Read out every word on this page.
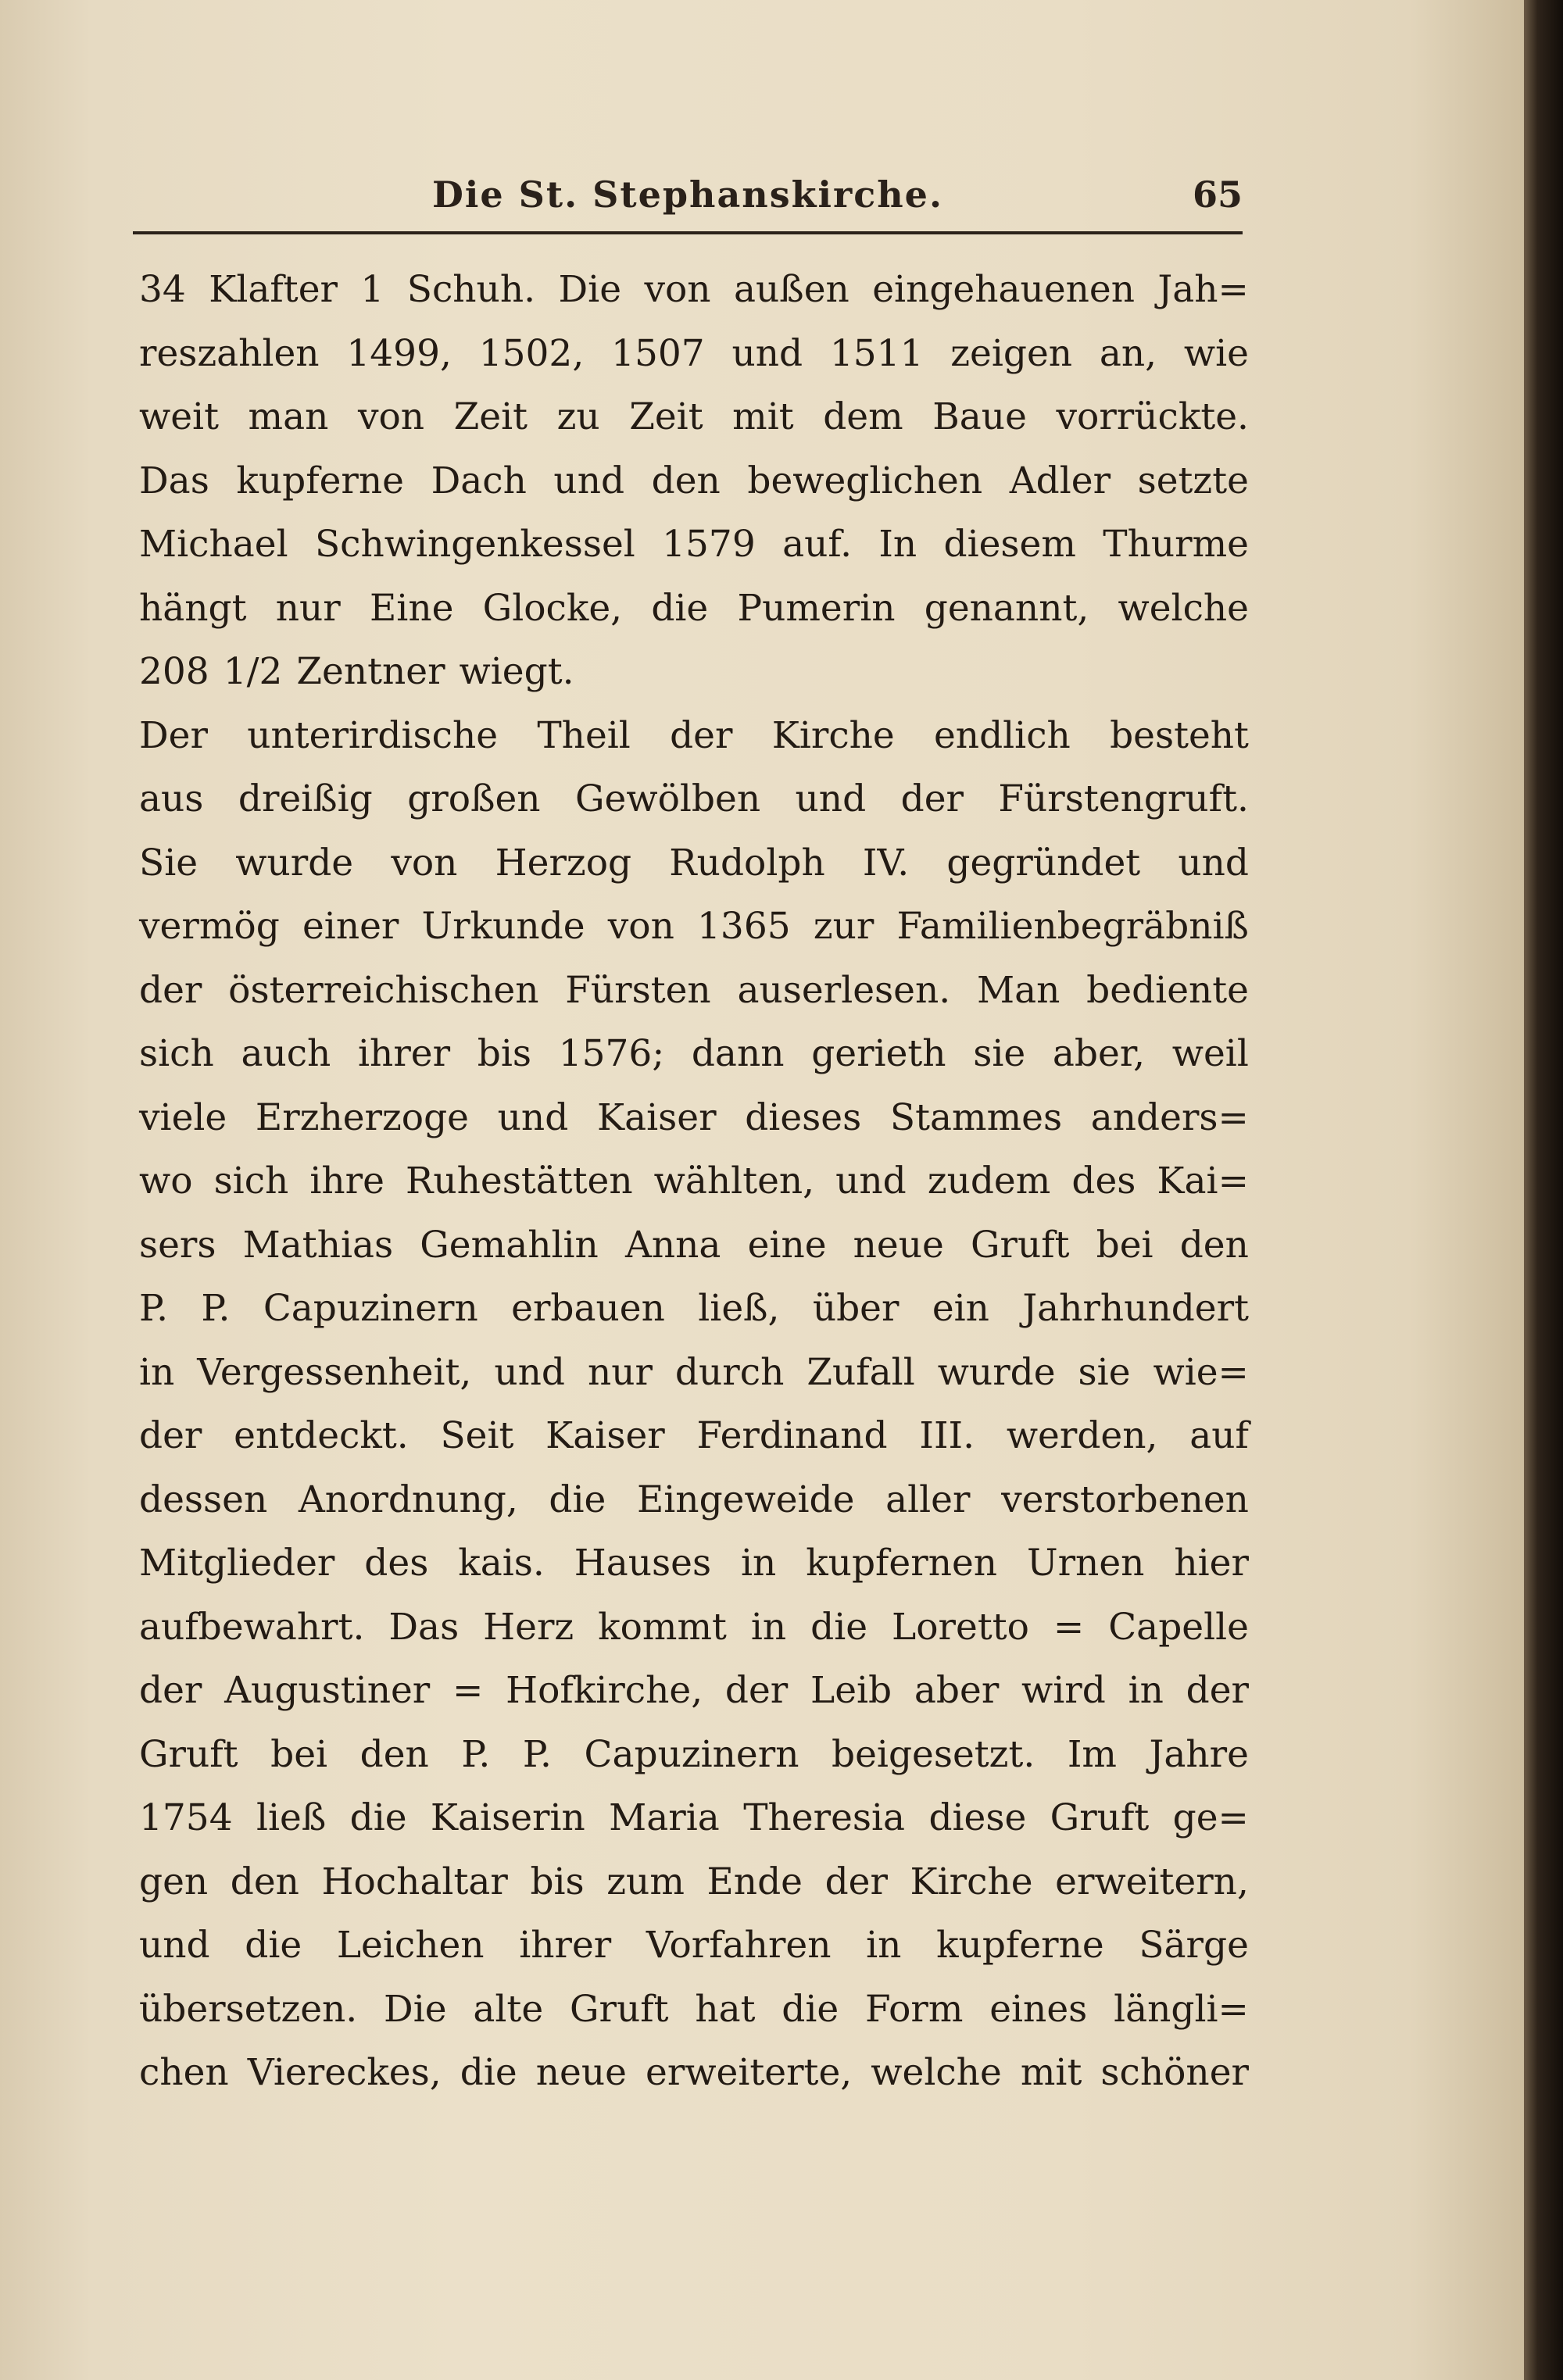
Die St. Stephanskirche.	65
34 Klafter 1 Schuh. Die von außen eingehauenen Jah=
reszahlen 1499, 1502, 1507 und 1511 zeigen an, wie
weit man von Zeit zu Zeit mit dem Baue vorrückte.
Das kupferne Dach und den beweglichen Adler setzte
Michael Schwingenkessel 1579 auf. In diesem Thurme
hängt nur Eine Glocke, die Pumerin genannt, welche
208 1/2 Zentner wiegt.
Der unterirdische Theil der Kirche endlich besteht
aus dreißig großen Gewölben und der Fürstengruft.
Sie wurde von Herzog Rudolph IV. gegründet und
vermög einer Urkunde von 1365 zur Familienbegräbniß
der österreichischen Fürsten auserlesen. Man bediente
sich auch ihrer bis 1576; dann gerieth sie aber, weil
viele Erzherzoge und Kaiser dieses Stammes anders=
wo sich ihre Ruhestätten wählten, und zudem des Kai=
sers Mathias Gemahlin Anna eine neue Gruft bei den
P. P. Capuzinern erbauen ließ, über ein Jahrhundert
in Vergessenheit, und nur durch Zufall wurde sie wie=
der entdeckt. Seit Kaiser Ferdinand III. werden, auf
dessen Anordnung, die Eingeweide aller verstorbenen
Mitglieder des kais. Hauses in kupfernen Urnen hier
aufbewahrt. Das Herz kommt in die Loretto = Capelle
der Augustiner = Hofkirche, der Leib aber wird in der
Gruft bei den P. P. Capuzinern beigesetzt. Im Jahre
1754 ließ die Kaiserin Maria Theresia diese Gruft ge=
gen den Hochaltar bis zum Ende der Kirche erweitern,
und die Leichen ihrer Vorfahren in kupferne Särge
übersetzen. Die alte Gruft hat die Form eines längli=
chen Viereckes, die neue erweiterte, welche mit schöner
